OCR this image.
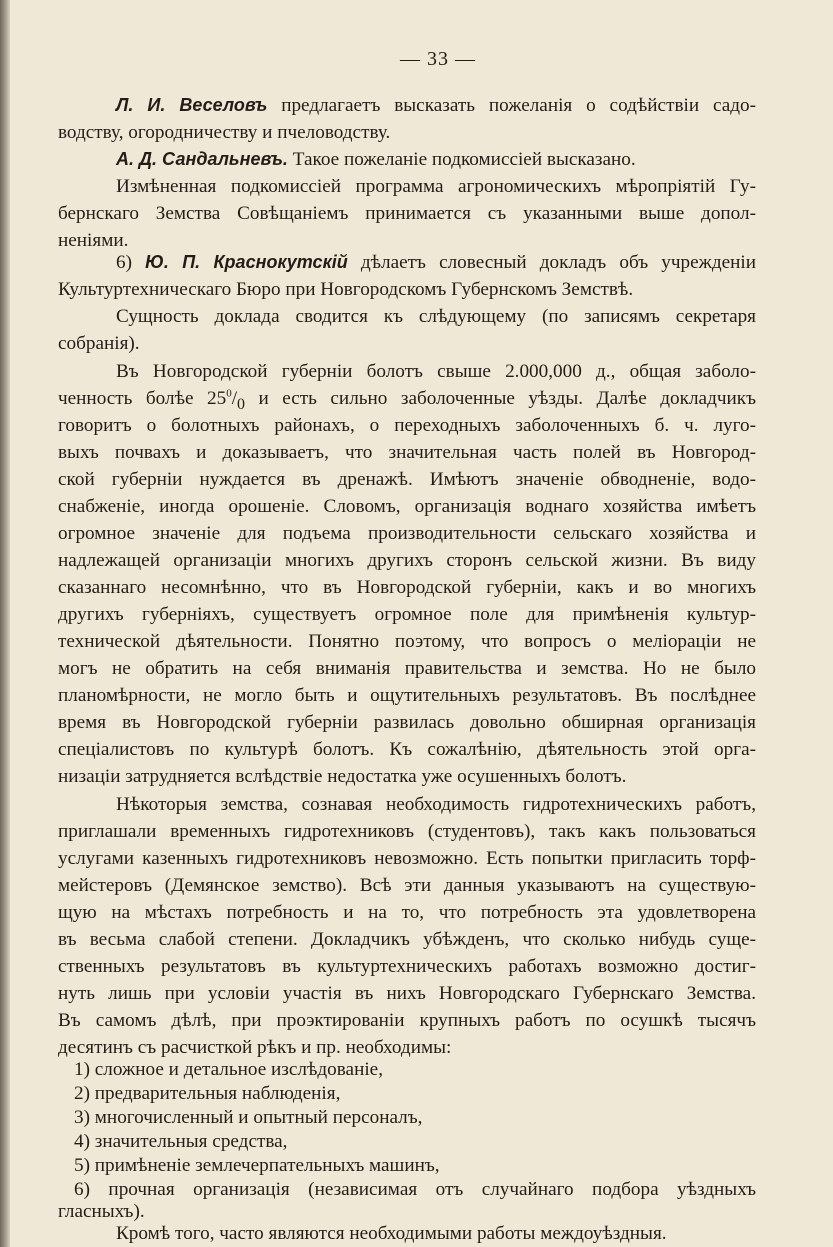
— 33 —
Л. И. Веселовъ предлагаетъ высказать пожеланія о содѣйствіи садо-
водству, огородничеству и пчеловодству.
А. Д. Сандальневъ. Такое пожеланіе подкомиссіей высказано.
Измѣненная подкомиссіей программа агрономическихъ мѣропріятій Гу-
бернскаго Земства Совѣщаніемъ принимается съ указанными выше допол-
неніями.
6) Ю. П. Краснокутскій дѣлаетъ словесный докладъ объ учрежденіи
Культуртехническаго Бюро при Новгородскомъ Губернскомъ Земствѣ.
Сущность доклада сводится къ слѣдующему (по записямъ секретаря
собранія).
Въ Новгородской губерніи болотъ свыше 2.000,000 д., общая заболо-
ченность болѣе $25^0/_0$ и есть сильно заболоченные уѣзды. Далѣе докладчикъ
говоритъ о болотныхъ районахъ, о переходныхъ заболоченныхъ б. ч. луго-
выхъ почвахъ и доказываетъ, что значительная часть полей въ Новгород-
ской губерніи нуждается въ дренажѣ. Имѣютъ значеніе обводненіе, водо-
снабженіе, иногда орошеніе. Словомъ, организація воднаго хозяйства имѣетъ
огромное значеніе для подъема производительности сельскаго хозяйства и
надлежащей организаціи многихъ другихъ сторонъ сельской жизни. Въ виду
сказаннаго несомнѣнно, что въ Новгородской губерніи, какъ и во многихъ
другихъ губерніяхъ, существуетъ огромное поле для примѣненія культур-
технической дѣятельности. Понятно поэтому, что вопросъ о меліораціи не
могъ не обратить на себя вниманія правительства и земства. Но не было
планомѣрности, не могло быть и ощутительныхъ результатовъ. Въ послѣднее
время въ Новгородской губерніи развилась довольно обширная организація
спеціалистовъ по культурѣ болотъ. Къ сожалѣнію, дѣятельность этой орга-
низаціи затрудняется вслѣдствіе недостатка уже осушенныхъ болотъ.
Нѣкоторыя земства, сознавая необходимость гидротехническихъ работъ,
приглашали временныхъ гидротехниковъ (студентовъ), такъ какъ пользоваться
услугами казенныхъ гидротехниковъ невозможно. Есть попытки пригласить торф-
мейстеровъ (Демянское земство). Всѣ эти данныя указываютъ на существую-
щую на мѣстахъ потребность и на то, что потребность эта удовлетворена
въ весьма слабой степени. Докладчикъ убѣжденъ, что сколько нибудь суще-
ственныхъ результатовъ въ культуртехническихъ работахъ возможно достиг-
нуть лишь при условіи участія въ нихъ Новгородскаго Губернскаго Земства.
Въ самомъ дѣлѣ, при проэктированіи крупныхъ работъ по осушкѣ тысячъ
десятинъ съ расчисткой рѣкъ и пр. необходимы:
1) сложное и детальное изслѣдованіе,
2) предварительныя наблюденія,
3) многочисленный и опытный персоналъ,
4) значительныя средства,
5) примѣненіе землечерпательныхъ машинъ,
6) прочная организація (независимая отъ случайнаго подбора уѣздныхъ
гласныхъ).
Кромѣ того, часто являются необходимыми работы междоуѣздныя.
